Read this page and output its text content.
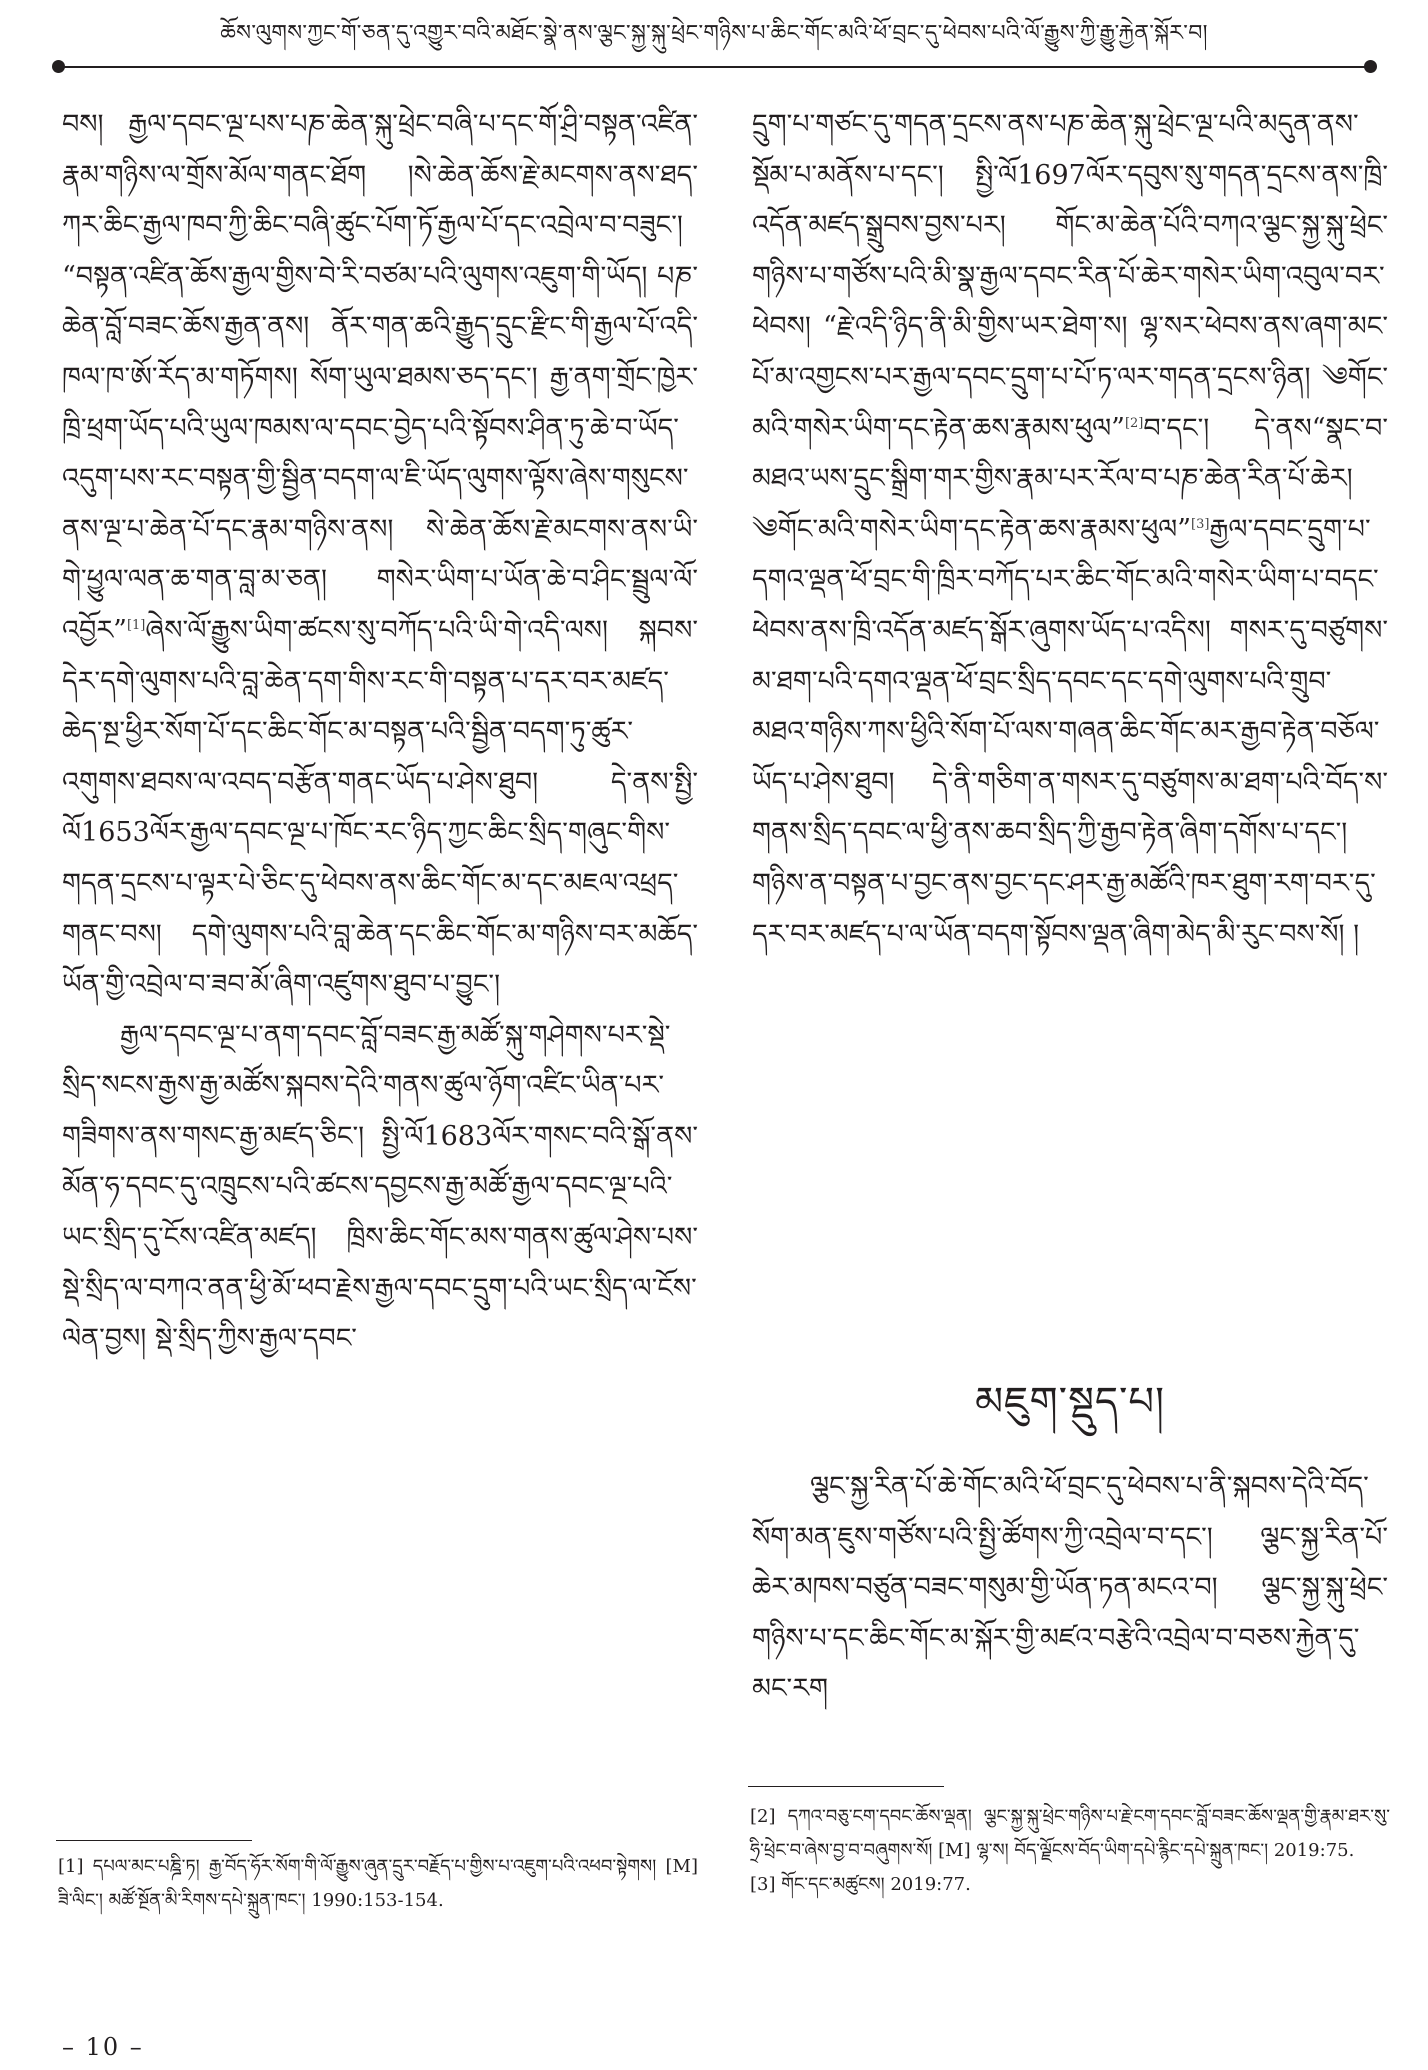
ཆོས་ལུགས་ཀྱང་གོ་ཅན་དུ་འགྱུར་བའི་མཐོང་སྣེ་ནས་ལྕང་སྐྱ་སྐུ་ཕྲེང་གཉིས་པ་ཆིང་གོང་མའི་ཕོ་བྲང་དུ་ཕེབས་པའི་ལོ་རྒྱུས་ཀྱི་རྒྱུ་རྐྱེན་སྐོར་བ།

བས། རྒྱལ་དབང་ལྔ་པས་པཎ་ཆེན་སྐུ་ཕྲེང་བཞི་པ་དང་གོ་ཤྲི་བསྟན་འཛིན་རྣམ་གཉིས་ལ་གྲོས་མོལ་གནང་ཐོག །སེ་ཆེན་ཆོས་རྗེ་མངགས་ནས་ཐད་ཀར་ཆིང་རྒྱལ་ཁབ་ཀྱི་ཆིང་བཞི་ཚུང་པོག་ཏོ་རྒྱལ་པོ་དང་འབྲེལ་བ་བཟུང་། “བསྟན་འཛིན་ཆོས་རྒྱལ་གྱིས་བེ་རི་བཙམ་པའི་ལུགས་འཇུག་གི་ཡོད། པཎ་ཆེན་བློ་བཟང་ཆོས་རྒྱན་ནས། ནོར་གན་ཆའི་རྒྱུད་དྲུང་རྫིང་གི་རྒྱལ་པོ་འདི་ཁལ་ཁ་ཨོ་རོད་མ་གཏོགས། སོག་ཡུལ་ཐམས་ཅད་དང་། རྒྱ་ནག་གྲོང་ཁྱེར་ཁྲི་ཕྲག་ཡོད་པའི་ཡུལ་ཁམས་ལ་དབང་བྱེད་པའི་སྟོབས་ཤིན་ཏུ་ཆེ་བ་ཡོད་འདུག་པས་རང་བསྟན་གྱི་སྦྱིན་བདག་ལ་ཇི་ཡོད་ལུགས་ལྟོས་ཞེས་གསུངས་ནས་ལྔ་པ་ཆེན་པོ་དང་རྣམ་གཉིས་ནས། སེ་ཆེན་ཆོས་རྗེ་མངགས་ནས་ཡི་གེ་ཕྱུལ་ལན་ཆ་གན་བླ་མ་ཅན། གསེར་ཡིག་པ་ཡོན་ཆེ་བ་ཤིང་སྦྲུལ་ལོ་འབྱོར”[1]ཞེས་ལོ་རྒྱུས་ཡིག་ཚངས་སུ་བཀོད་པའི་ཡི་གེ་འདི་ལས། སྐབས་དེར་དགེ་ལུགས་པའི་བླ་ཆེན་དག་གིས་རང་གི་བསྟན་པ་དར་བར་མཛད་ཆེད་སྔ་ཕྱིར་སོག་པོ་དང་ཆིང་གོང་མ་བསྟན་པའི་སྦྱིན་བདག་ཏུ་ཚུར་འགུགས་ཐབས་ལ་འབད་བརྩོན་གནང་ཡོད་པ་ཤེས་ཐུབ། དེ་ནས་སྤྱི་ལོ1653ལོར་རྒྱལ་དབང་ལྔ་པ་ཁོང་རང་ཉིད་ཀྱང་ཆིང་སྲིད་གཞུང་གིས་གདན་དྲངས་པ་ལྟར་པེ་ཅིང་དུ་ཕེབས་ནས་ཆིང་གོང་མ་དང་མཇལ་འཕྲད་གནང་བས། དགེ་ལུགས་པའི་བླ་ཆེན་དང་ཆིང་གོང་མ་གཉིས་བར་མཆོད་ཡོན་གྱི་འབྲེལ་བ་ཟབ་མོ་ཞིག་འཛུགས་ཐུབ་པ་བྱུང་།

རྒྱལ་དབང་ལྔ་པ་ནག་དབང་བློ་བཟང་རྒྱ་མཚོ་སྐུ་གཤེགས་པར་སྡེ་སྲིད་སངས་རྒྱས་རྒྱ་མཚོས་སྐབས་དེའི་གནས་ཚུལ་ཉོག་འཛིང་ཡིན་པར་གཟིགས་ནས་གསང་རྒྱ་མཛད་ཅིང་། སྤྱི་ལོ1683ལོར་གསང་བའི་སྒོ་ནས་མོན་ཧ་དབང་དུ་འཁྲུངས་པའི་ཚངས་དབྱངས་རྒྱ་མཚོ་རྒྱལ་དབང་ལྔ་པའི་ཡང་སྲིད་དུ་ངོས་འཛིན་མཛད། ཁྲིས་ཆིང་གོང་མས་གནས་ཚུལ་ཤེས་པས་སྡེ་སྲིད་ལ་བཀའ་ནན་ཕྱི་མོ་ཕབ་རྗེས་རྒྱལ་དབང་དྲུག་པའི་ཡང་སྲིད་ལ་ངོས་ལེན་བྱས། སྡེ་སྲིད་ཀྱིས་རྒྱལ་དབང་

དྲུག་པ་གཙང་དུ་གདན་དྲངས་ནས་པཎ་ཆེན་སྐུ་ཕྲེང་ལྔ་པའི་མདུན་ནས་སྡོམ་པ་མནོས་པ་དང་། སྤྱི་ལོ1697ལོར་དབུས་སུ་གདན་དྲངས་ནས་ཁྲི་འདོན་མཛད་སྒྲུབས་བྱས་པར། གོང་མ་ཆེན་པོའི་བཀའ་ལྕང་སྐྱ་སྐུ་ཕྲེང་གཉིས་པ་གཙོས་པའི་མི་སྣ་རྒྱལ་དབང་རིན་པོ་ཆེར་གསེར་ཡིག་འབུལ་བར་ཕེབས། “རྗེ་འདི་ཉིད་ནི་མི་གྱིས་ཡར་ཐེག་ས། ལྷ་སར་ཕེབས་ནས་ཞག་མང་པོ་མ་འགྱངས་པར་རྒྱལ་དབང་དྲུག་པ་པོ་ཏ་ལར་གདན་དྲངས་ཉིན། ༄གོང་མའི་གསེར་ཡིག་དང་རྟེན་ཆས་རྣམས་ཕུལ”[2]བ་དང་། དེ་ནས“སྣང་བ་མཐའ་ཡས་དྲུང་སྒྲིག་གར་གྱིས་རྣམ་པར་རོལ་བ་པཎ་ཆེན་རིན་པོ་ཆེར། ༄གོང་མའི་གསེར་ཡིག་དང་རྟེན་ཆས་རྣམས་ཕུལ”[3]རྒྱལ་དབང་དྲུག་པ་དགའ་ལྡན་ཕོ་བྲང་གི་ཁྲིར་བཀོད་པར་ཆིང་གོང་མའི་གསེར་ཡིག་པ་བདང་ཕེབས་ནས་ཁྲི་འདོན་མཛད་སྒོར་ཞུགས་ཡོད་པ་འདིས། གསར་དུ་བཙུགས་མ་ཐག་པའི་དགའ་ལྡན་ཕོ་བྲང་སྲིད་དབང་དང་དགེ་ལུགས་པའི་གྲུབ་མཐའ་གཉིས་ཀས་ཕྱིའི་སོག་པོ་ལས་གཞན་ཆིང་གོང་མར་རྒྱབ་རྟེན་བཅོལ་ཡོད་པ་ཤེས་ཐུབ། དེ་ནི་གཅིག་ན་གསར་དུ་བཙུགས་མ་ཐག་པའི་བོད་ས་གནས་སྲིད་དབང་ལ་ཕྱི་ནས་ཆབ་སྲིད་ཀྱི་རྒྱབ་རྟེན་ཞིག་དགོས་པ་དང་། གཉིས་ན་བསྟན་པ་བྱང་ནས་བྱང་དང་ཤར་རྒྱ་མཚོའི་ཁར་ཐུག་རག་བར་དུ་དར་བར་མཛད་པ་ལ་ཡོན་བདག་སྟོབས་ལྡན་ཞིག་མེད་མི་རུང་བས་སོ། །

མཇུག་སྡུད་པ།

ལྕང་སྐྱ་རིན་པོ་ཆེ་གོང་མའི་ཕོ་བྲང་དུ་ཕེབས་པ་ནི་སྐབས་དེའི་བོད་སོག་མན་ཇུས་གཙོས་པའི་སྤྱི་ཚོགས་ཀྱི་འབྲེལ་བ་དང་། ལྕང་སྐྱ་རིན་པོ་ཆེར་མཁས་བཙུན་བཟང་གསུམ་གྱི་ཡོན་ཏན་མངའ་བ། ལྕང་སྐྱ་སྐུ་ཕྲེང་གཉིས་པ་དང་ཆིང་གོང་མ་སྐོར་གྱི་མཛའ་བརྩེའི་འབྲེལ་བ་བཅས་རྐྱེན་དུ་མང་རག

[1] དཔལ་མང་པཎྜི་ཏ། རྒྱ་བོད་ཧོར་སོག་གི་ལོ་རྒྱུས་ཞུན་དྲུར་བརྗོད་པ་གྱིས་པ་འཇུག་པའི་འཕབ་སྟེགས། [M] ཟི་ལིང་། མཚོ་སྔོན་མི་རིགས་དཔེ་སྐྲུན་ཁང་། 1990:153-154.

[2] དཀའ་བཅུ་ངག་དབང་ཆོས་ལྡན། ལྕང་སྐྱ་སྐུ་ཕྲེང་གཉིས་པ་རྗེ་ངག་དབང་བློ་བཟང་ཆོས་ལྡན་གྱི་རྣམ་ཐར་སུ་ཧྲི་ཕྲེང་བ་ཞེས་བྱ་བ་བཞུགས་སོ། [M] ལྷ་ས། བོད་ལྗོངས་བོད་ཡིག་དཔེ་རྙིང་དཔེ་སྐྲུན་ཁང་། 2019:75.

[3] གོང་དང་མཚུངས། 2019:77.

– 10 –
